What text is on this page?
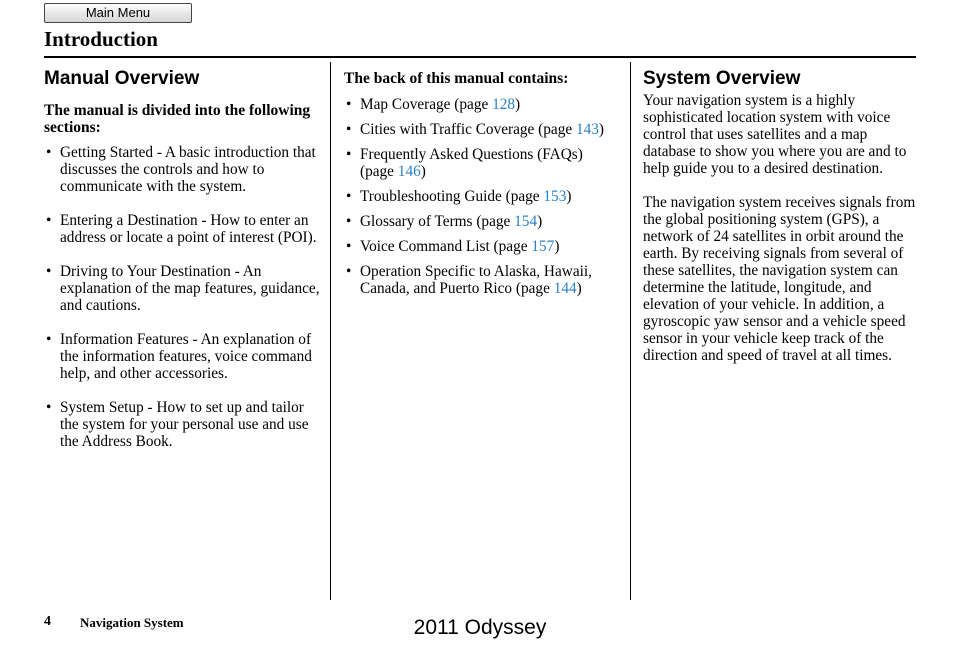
Main Menu
Introduction
Manual Overview

The manual is divided into the following sections:

• Getting Started - A basic introduction that discusses the controls and how to communicate with the system.
• Entering a Destination - How to enter an address or locate a point of interest (POI).
• Driving to Your Destination - An explanation of the map features, guidance, and cautions.
• Information Features - An explanation of the information features, voice command help, and other accessories.
• System Setup - How to set up and tailor the system for your personal use and use the Address Book.

The back of this manual contains:

• Map Coverage (page 128)
• Cities with Traffic Coverage (page 143)
• Frequently Asked Questions (FAQs) (page 146)
• Troubleshooting Guide (page 153)
• Glossary of Terms (page 154)
• Voice Command List (page 157)
• Operation Specific to Alaska, Hawaii, Canada, and Puerto Rico (page 144)
System Overview

Your navigation system is a highly sophisticated location system with voice control that uses satellites and a map database to show you where you are and to help guide you to a desired destination.

The navigation system receives signals from the global positioning system (GPS), a network of 24 satellites in orbit around the earth. By receiving signals from several of these satellites, the navigation system can determine the latitude, longitude, and elevation of your vehicle. In addition, a gyroscopic yaw sensor and a vehicle speed sensor in your vehicle keep track of the direction and speed of travel at all times.

4 Navigation System	2011 Odyssey
